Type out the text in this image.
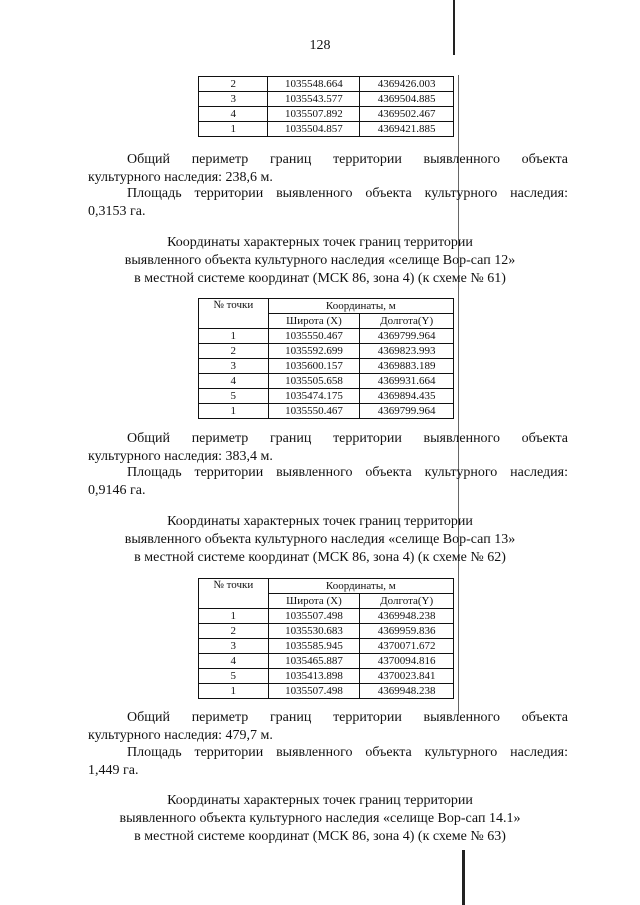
128
2	1035548.664	4369426.003
3	1035543.577	4369504.885
4	1035507.892	4369502.467
1	1035504.857	4369421.885
Общий периметр границ территории выявленного объекта
культурного наследия: 238,6 м.
Площадь территории выявленного объекта культурного наследия:
0,3153 га.
Координаты характерных точек границ территории
выявленного объекта культурного наследия «селище Вор-сап 12»
в местной системе координат (МСК 86, зона 4) (к схеме № 61)
№ точки	Координаты, м	
	Широта (X)	Долгота(Y)
1	1035550.467	4369799.964
2	1035592.699	4369823.993
3	1035600.157	4369883.189
4	1035505.658	4369931.664
5	1035474.175	4369894.435
1	1035550.467	4369799.964
Общий периметр границ территории выявленного объекта
культурного наследия: 383,4 м.
Площадь территории выявленного объекта культурного наследия:
0,9146 га.
Координаты характерных точек границ территории
выявленного объекта культурного наследия «селище Вор-сап 13»
в местной системе координат (МСК 86, зона 4) (к схеме № 62)
№ точки	Координаты, м	
	Широта (X)	Долгота(Y)
1	1035507.498	4369948.238
2	1035530.683	4369959.836
3	1035585.945	4370071.672
4	1035465.887	4370094.816
5	1035413.898	4370023.841
1	1035507.498	4369948.238
Общий периметр границ территории выявленного объекта
культурного наследия: 479,7 м.
Площадь территории выявленного объекта культурного наследия:
1,449 га.
Координаты характерных точек границ территории
выявленного объекта культурного наследия «селище Вор-сап 14.1»
в местной системе координат (МСК 86, зона 4) (к схеме № 63)
